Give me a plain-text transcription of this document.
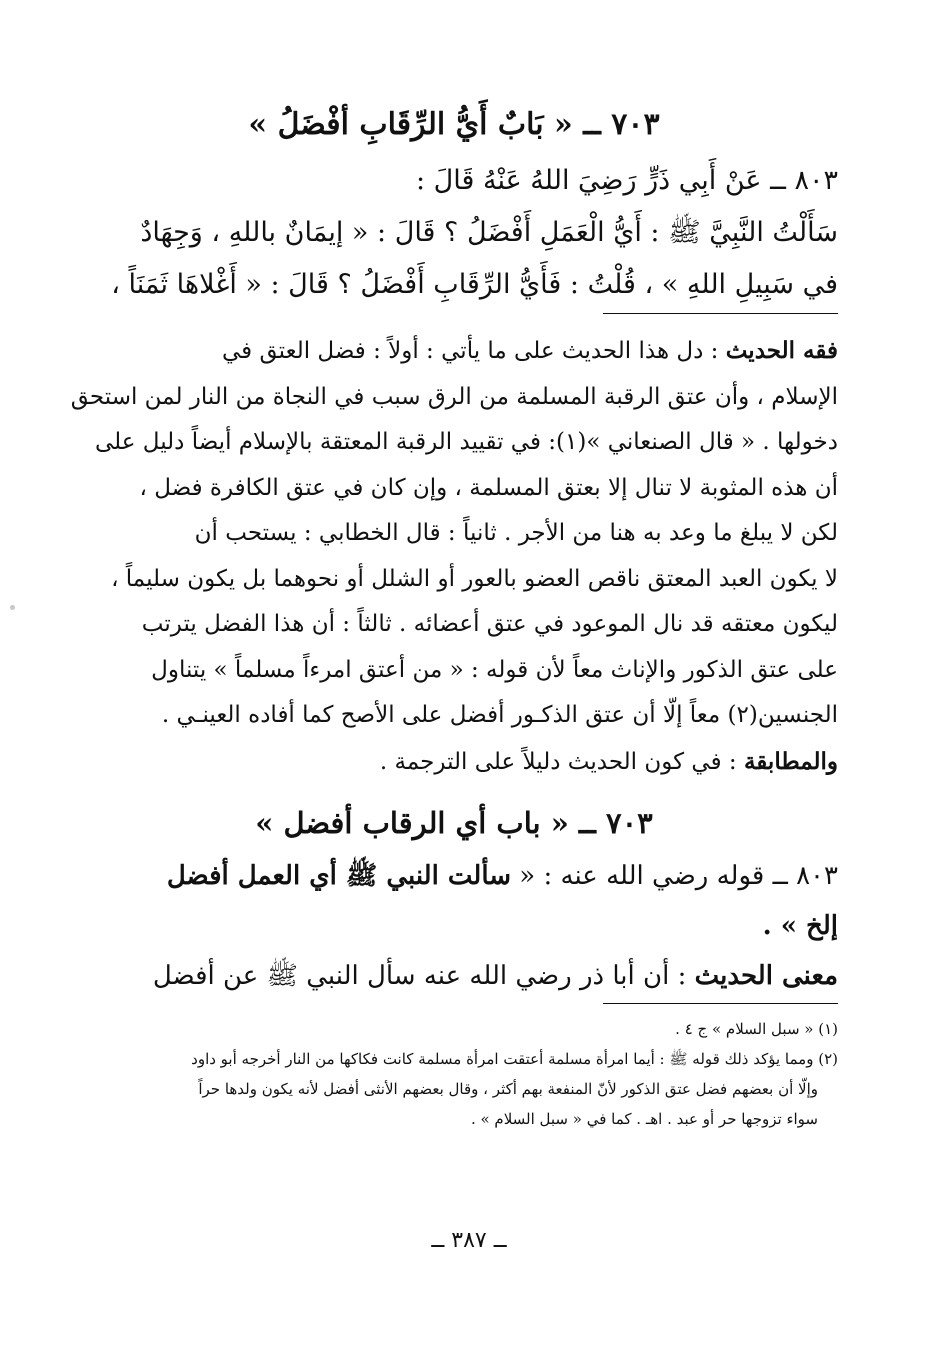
٧٠٣ ــ « بَابٌ أَيُّ الرِّقَابِ أفْضَلُ »
٨٠٣ ــ عَنْ أَبِي ذَرٍّ رَضِيَ اللهُ عَنْهُ قَالَ :
سَأَلْتُ النَّبِيَّ ﷺ : أَيُّ الْعَمَلِ أَفْضَلُ ؟ قَالَ : « إيمَانٌ باللهِ ، وَجِهَادٌ
في سَبِيلِ اللهِ » ، قُلْتُ : فَأَيُّ الرِّقَابِ أَفْضَلُ ؟ قَالَ : « أَغْلاهَا ثَمَنَاً ،
فقه الحديث : دل هذا الحديث على ما يأتي : أولاً : فضل العتق في
الإسلام ، وأن عتق الرقبة المسلمة من الرق سبب في النجاة من النار لمن استحق
دخولها . « قال الصنعاني »(١): في تقييد الرقبة المعتقة بالإسلام أيضاً دليل على
أن هذه المثوبة لا تنال إلا بعتق المسلمة ، وإن كان في عتق الكافرة فضل ،
لكن لا يبلغ ما وعد به هنا من الأجر . ثانياً : قال الخطابي : يستحب أن
لا يكون العبد المعتق ناقص العضو بالعور أو الشلل أو نحوهما بل يكون سليماً ،
ليكون معتقه قد نال الموعود في عتق أعضائه . ثالثاً : أن هذا الفضل يترتب
على عتق الذكور والإناث معاً لأن قوله : « من أعتق امرءاً مسلماً » يتناول
الجنسين(٢) معاً إلّا أن عتق الذكـور أفضل على الأصح كما أفاده العينـي .
والمطابقة : في كون الحديث دليلاً على الترجمة .
٧٠٣ ــ « باب أي الرقاب أفضل »
٨٠٣ ــ قوله رضي الله عنه : « سألت النبي ﷺ أي العمل أفضل
إلخ » .
معنى الحديث : أن أبا ذر رضي الله عنه سأل النبي ﷺ عن أفضل
(١) « سبل السلام » ج ٤ .
(٢) ومما يؤكد ذلك قوله ﷺ : أيما امرأة مسلمة أعتقت امرأة مسلمة كانت فكاكها من النار أخرجه أبو داود
وإلّا أن بعضهم فضل عتق الذكور لأنّ المنفعة بهم أكثر ، وقال بعضهم الأنثى أفضل لأنه يكون ولدها حراً
سواء تزوجها حر أو عبد . اهـ . كما في « سبل السلام » .
ــ ٣٨٧ ــ
